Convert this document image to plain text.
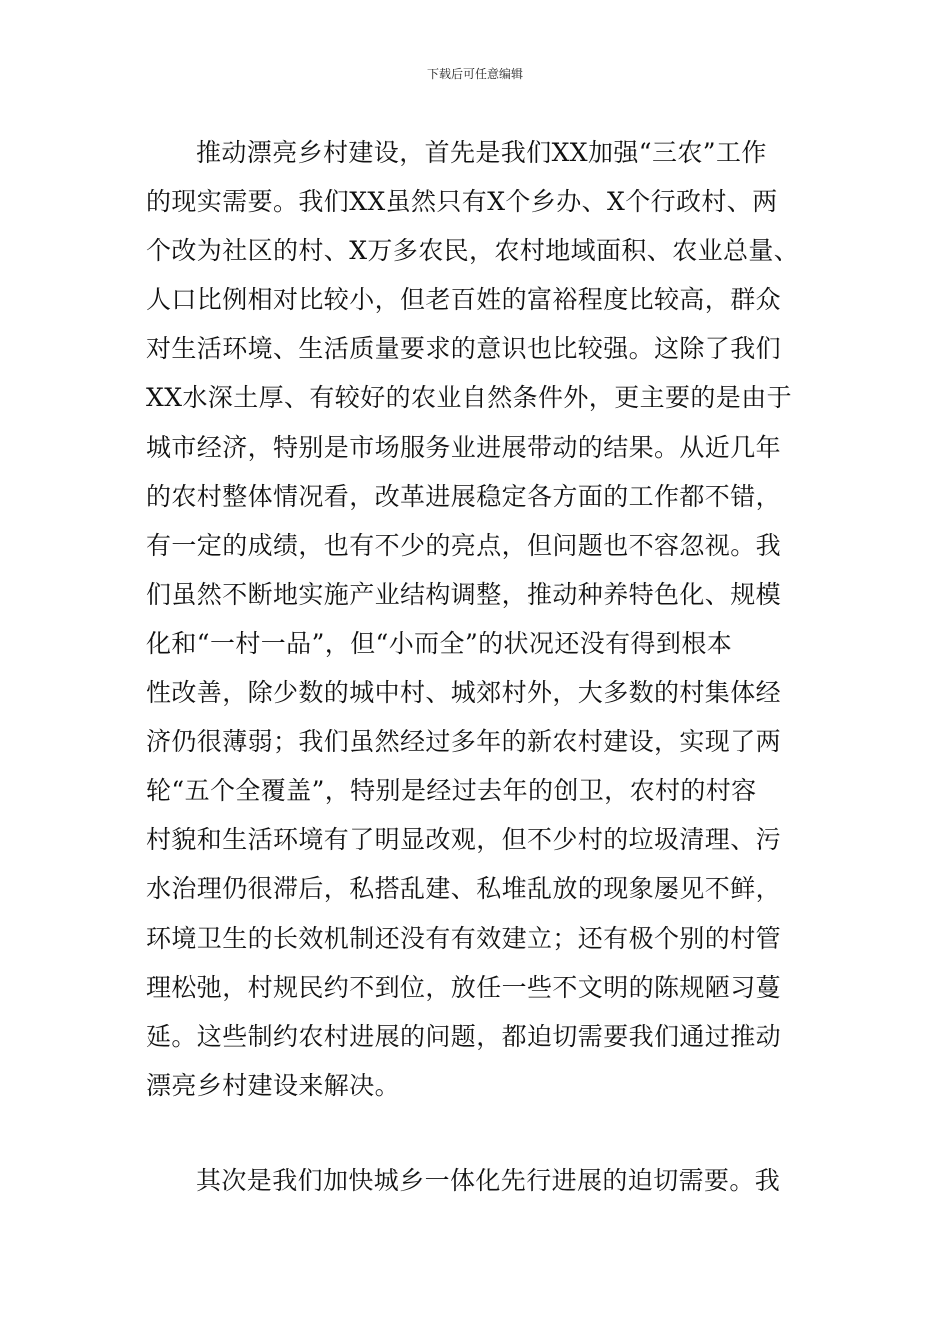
下载后可任意编辑
推动漂亮乡村建设，首先是我们XX加强“三农”工作
的现实需要。我们XX虽然只有X个乡办、X个行政村、两
个改为社区的村、X万多农民，农村地域面积、农业总量、
人口比例相对比较小，但老百姓的富裕程度比较高，群众
对生活环境、生活质量要求的意识也比较强。这除了我们
XX水深土厚、有较好的农业自然条件外，更主要的是由于
城市经济，特别是市场服务业进展带动的结果。从近几年
的农村整体情况看，改革进展稳定各方面的工作都不错，
有一定的成绩，也有不少的亮点，但问题也不容忽视。我
们虽然不断地实施产业结构调整，推动种养特色化、规模
化和“一村一品”，但“小而全”的状况还没有得到根本
性改善，除少数的城中村、城郊村外，大多数的村集体经
济仍很薄弱；我们虽然经过多年的新农村建设，实现了两
轮“五个全覆盖”，特别是经过去年的创卫，农村的村容
村貌和生活环境有了明显改观，但不少村的垃圾清理、污
水治理仍很滞后，私搭乱建、私堆乱放的现象屡见不鲜，
环境卫生的长效机制还没有有效建立；还有极个别的村管
理松弛，村规民约不到位，放任一些不文明的陈规陋习蔓
延。这些制约农村进展的问题，都迫切需要我们通过推动
漂亮乡村建设来解决。
其次是我们加快城乡一体化先行进展的迫切需要。我
